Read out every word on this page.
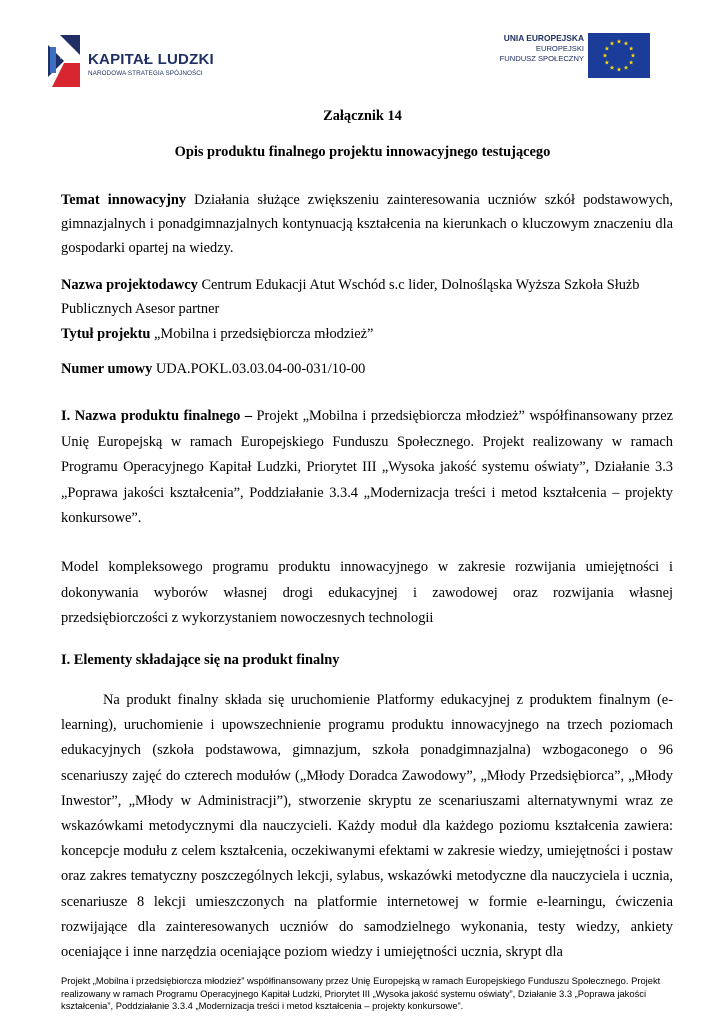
KAPITAŁ LUDZKI
NARODOWA STRATEGIA SPÓJNOŚCI
UNIA EUROPEJSKA
EUROPEJSKI
FUNDUSZ SPOŁECZNY
Załącznik 14
Opis produktu finalnego projektu innowacyjnego testującego
Temat innowacyjny Działania służące zwiększeniu zainteresowania uczniów szkół podstawowych, gimnazjalnych i ponadgimnazjalnych kontynuacją kształcenia na kierunkach o kluczowym znaczeniu dla gospodarki opartej na wiedzy.
Nazwa projektodawcy Centrum Edukacji Atut Wschód s.c lider, Dolnośląska Wyższa Szkoła Służb Publicznych Asesor partner
Tytuł projektu „Mobilna i przedsiębiorcza młodzież”
Numer umowy UDA.POKL.03.03.04-00-031/10-00
I. Nazwa produktu finalnego – Projekt „Mobilna i przedsiębiorcza młodzież” współfinansowany przez Unię Europejską w ramach Europejskiego Funduszu Społecznego. Projekt realizowany w ramach Programu Operacyjnego Kapitał Ludzki, Priorytet III „Wysoka jakość systemu oświaty”, Działanie 3.3 „Poprawa jakości kształcenia”, Poddziałanie 3.3.4 „Modernizacja treści i metod kształcenia – projekty konkursowe”.
Model kompleksowego programu produktu innowacyjnego w zakresie rozwijania umiejętności i dokonywania wyborów własnej drogi edukacyjnej i zawodowej oraz rozwijania własnej przedsiębiorczości z wykorzystaniem nowoczesnych technologii
I. Elementy składające się na produkt finalny
Na produkt finalny składa się uruchomienie Platformy edukacyjnej z produktem finalnym (e-learning), uruchomienie i upowszechnienie programu produktu innowacyjnego na trzech poziomach edukacyjnych (szkoła podstawowa, gimnazjum, szkoła ponadgimnazjalna) wzbogaconego o 96 scenariuszy zajęć do czterech modułów („Młody Doradca Zawodowy”, „Młody Przedsiębiorca”, „Młody Inwestor”, „Młody w Administracji”), stworzenie skryptu ze scenariuszami alternatywnymi wraz ze wskazówkami metodycznymi dla nauczycieli. Każdy moduł dla każdego poziomu kształcenia zawiera: koncepcje modułu z celem kształcenia, oczekiwanymi efektami w zakresie wiedzy, umiejętności i postaw oraz zakres tematyczny poszczególnych lekcji, sylabus, wskazówki metodyczne dla nauczyciela i ucznia, scenariusze 8 lekcji umieszczonych na platformie internetowej w formie e-learningu, ćwiczenia rozwijające dla zainteresowanych uczniów do samodzielnego wykonania, testy wiedzy, ankiety oceniające i inne narzędzia oceniające poziom wiedzy i umiejętności ucznia, skrypt dla
Projekt „Mobilna i przedsiębiorcza młodzież” współfinansowany przez Unię Europejską w ramach Europejskiego Funduszu Społecznego. Projekt realizowany w ramach Programu Operacyjnego Kapitał Ludzki, Priorytet III „Wysoka jakość systemu oświaty”, Działanie 3.3 „Poprawa jakości kształcenia”, Poddziałanie 3.3.4 „Modernizacja treści i metod kształcenia – projekty konkursowe”.
